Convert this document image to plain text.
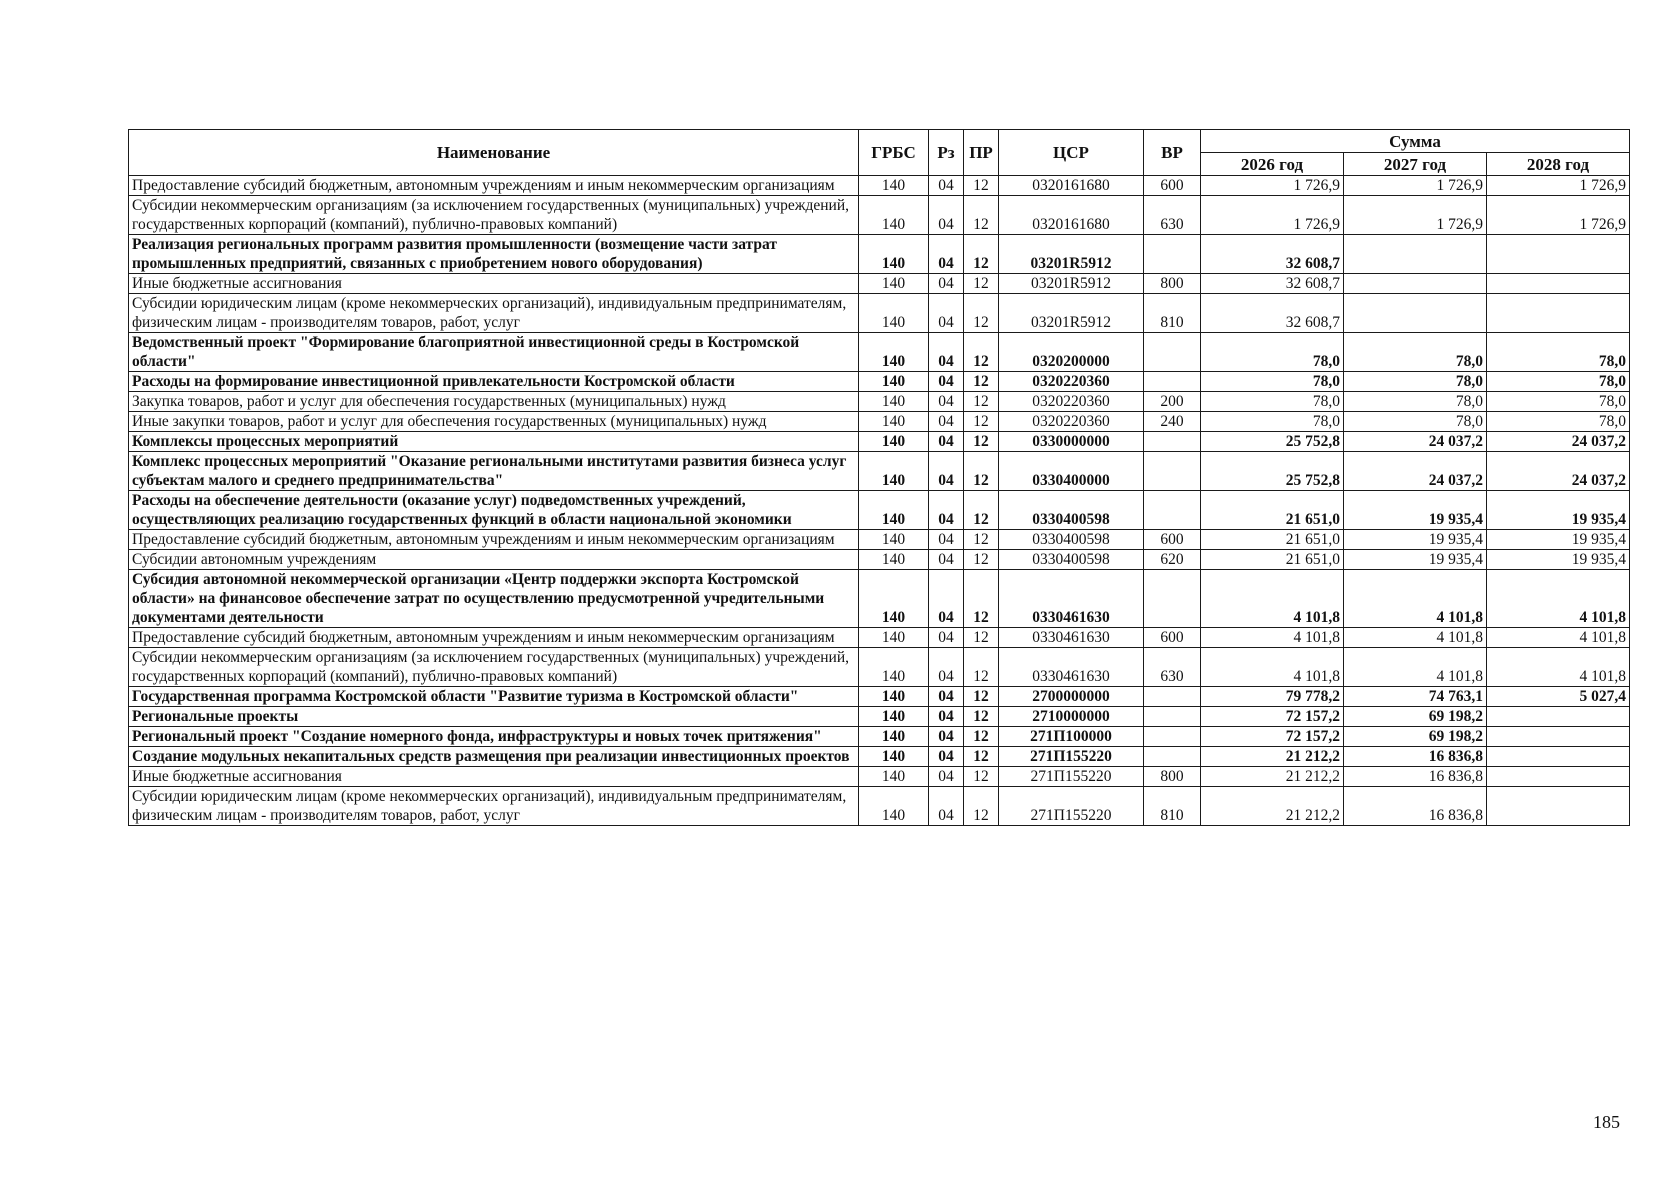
Наименование	ГРБС	Рз	ПР	ЦСР	ВР	Сумма		
						2026 год	2027 год	2028 год
Предоставление субсидий бюджетным, автономным учреждениям и иным некоммерческим организациям	140	04	12	0320161680	600	1 726,9	1 726,9	1 726,9
Субсидии некоммерческим организациям (за исключением государственных (муниципальных) учреждений, государственных корпораций (компаний), публично-правовых компаний)	140	04	12	0320161680	630	1 726,9	1 726,9	1 726,9
Реализация региональных программ развития промышленности (возмещение части затрат промышленных предприятий, связанных с приобретением нового оборудования)	140	04	12	03201R5912		32 608,7		
Иные бюджетные ассигнования	140	04	12	03201R5912	800	32 608,7		
Субсидии юридическим лицам (кроме некоммерческих организаций), индивидуальным предпринимателям, физическим лицам - производителям товаров, работ, услуг	140	04	12	03201R5912	810	32 608,7		
Ведомственный проект "Формирование благоприятной инвестиционной среды в Костромской области"	140	04	12	0320200000		78,0	78,0	78,0
Расходы на формирование инвестиционной привлекательности Костромской области	140	04	12	0320220360		78,0	78,0	78,0
Закупка товаров, работ и услуг для обеспечения государственных (муниципальных) нужд	140	04	12	0320220360	200	78,0	78,0	78,0
Иные закупки товаров, работ и услуг для обеспечения государственных (муниципальных) нужд	140	04	12	0320220360	240	78,0	78,0	78,0
Комплексы процессных мероприятий	140	04	12	0330000000		25 752,8	24 037,2	24 037,2
Комплекс процессных мероприятий "Оказание региональными институтами развития бизнеса услуг субъектам малого и среднего предпринимательства"	140	04	12	0330400000		25 752,8	24 037,2	24 037,2
Расходы на обеспечение деятельности (оказание услуг) подведомственных учреждений, осуществляющих реализацию государственных функций в области национальной экономики	140	04	12	0330400598		21 651,0	19 935,4	19 935,4
Предоставление субсидий бюджетным, автономным учреждениям и иным некоммерческим организациям	140	04	12	0330400598	600	21 651,0	19 935,4	19 935,4
Субсидии автономным учреждениям	140	04	12	0330400598	620	21 651,0	19 935,4	19 935,4
Субсидия автономной некоммерческой организации «Центр поддержки экспорта Костромской области» на финансовое обеспечение затрат по осуществлению предусмотренной учредительными документами деятельности	140	04	12	0330461630		4 101,8	4 101,8	4 101,8
Предоставление субсидий бюджетным, автономным учреждениям и иным некоммерческим организациям	140	04	12	0330461630	600	4 101,8	4 101,8	4 101,8
Субсидии некоммерческим организациям (за исключением государственных (муниципальных) учреждений, государственных корпораций (компаний), публично-правовых компаний)	140	04	12	0330461630	630	4 101,8	4 101,8	4 101,8
Государственная программа Костромской области "Развитие туризма в Костромской области"	140	04	12	2700000000		79 778,2	74 763,1	5 027,4
Региональные проекты	140	04	12	2710000000		72 157,2	69 198,2	
Региональный проект "Создание номерного фонда, инфраструктуры и новых точек притяжения"	140	04	12	271П100000		72 157,2	69 198,2	
Создание модульных некапитальных средств размещения при реализации инвестиционных проектов	140	04	12	271П155220		21 212,2	16 836,8	
Иные бюджетные ассигнования	140	04	12	271П155220	800	21 212,2	16 836,8	
Субсидии юридическим лицам (кроме некоммерческих организаций), индивидуальным предпринимателям, физическим лицам - производителям товаров, работ, услуг	140	04	12	271П155220	810	21 212,2	16 836,8	
185
